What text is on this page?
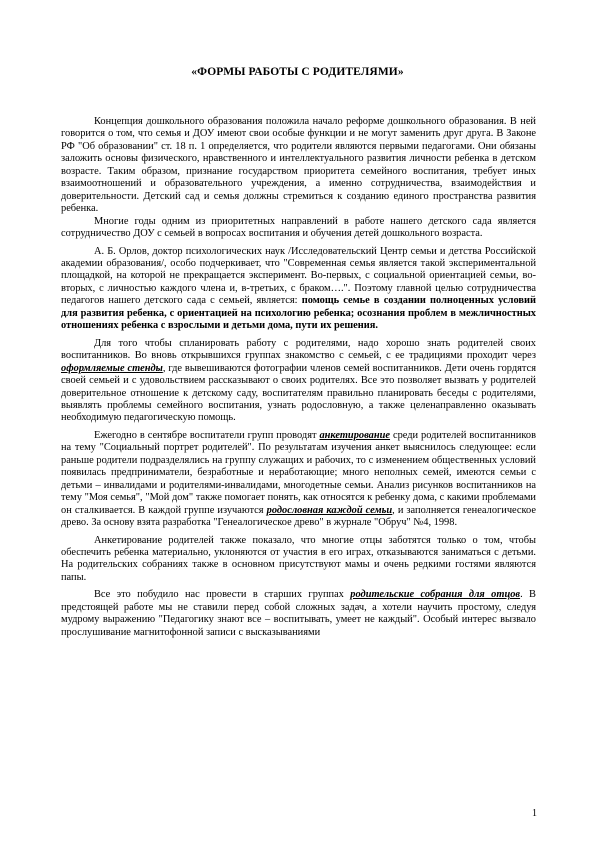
«ФОРМЫ РАБОТЫ С РОДИТЕЛЯМИ»

Концепция дошкольного образования положила начало реформе дошкольного образования. В ней говорится о том, что семья и ДОУ имеют свои особые функции и не могут заменить друг друга. В Законе РФ "Об образовании" ст. 18 п. 1 определяется, что родители являются первыми педагогами. Они обязаны заложить основы физического, нравственного и интеллектуального развития личности ребенка в детском возрасте. Таким образом, признание государством приоритета семейного воспитания, требует иных взаимоотношений и образовательного учреждения, а именно сотрудничества, взаимодействия и доверительности. Детский сад и семья должны стремиться к созданию единого пространства развития ребенка.

Многие годы одним из приоритетных направлений в работе нашего детского сада является сотрудничество ДОУ с семьей в вопросах воспитания и обучения детей дошкольного возраста.

А. Б. Орлов, доктор психологических наук /Исследовательский Центр семьи и детства Российской академии образования/, особо подчеркивает, что "Современная семья является такой экспериментальной площадкой, на которой не прекращается эксперимент. Во-первых, с социальной ориентацией семьи, во-вторых, с личностью каждого члена и, в-третьих, с браком….". Поэтому главной целью сотрудничества педагогов нашего детского сада с семьей, является: помощь семье в создании полноценных условий для развития ребенка, с ориентацией на психологию ребенка; осознания проблем в межличностных отношениях ребенка с взрослыми и детьми дома, пути их решения.

Для того чтобы спланировать работу с родителями, надо хорошо знать родителей своих воспитанников. Во вновь открывшихся группах знакомство с семьей, с ее традициями проходит через оформляемые стенды, где вывешиваются фотографии членов семей воспитанников. Дети очень гордятся своей семьей и с удовольствием рассказывают о своих родителях. Все это позволяет вызвать у родителей доверительное отношение к детскому саду, воспитателям правильно планировать беседы с родителями, выявлять проблемы семейного воспитания, узнать родословную, а также целенаправленно оказывать необходимую педагогическую помощь.

Ежегодно в сентябре воспитатели групп проводят анкетирование среди родителей воспитанников на тему "Социальный портрет родителей". По результатам изучения анкет выяснилось следующее: если раньше родители подразделялись на группу служащих и рабочих, то с изменением общественных условий появилась предприниматели, безработные и неработающие; много неполных семей, имеются семьи с детьми – инвалидами и родителями-инвалидами, многодетные семьи. Анализ рисунков воспитанников на тему "Моя семья", "Мой дом" также помогает понять, как относятся к ребенку дома, с какими проблемами он сталкивается. В каждой группе изучаются родословная каждой семьи, и заполняется генеалогическое древо. За основу взята разработка "Генеалогическое древо" в журнале "Обруч" №4, 1998.

Анкетирование родителей также показало, что многие отцы заботятся только о том, чтобы обеспечить ребенка материально, уклоняются от участия в его играх, отказываются заниматься с детьми. На родительских собраниях также в основном присутствуют мамы и очень редкими гостями являются папы.

Все это побудило нас провести в старших группах родительские собрания для отцов. В предстоящей работе мы не ставили перед собой сложных задач, а хотели научить простому, следуя мудрому выражению "Педагогику знают все – воспитывать, умеет не каждый". Особый интерес вызвало прослушивание магнитофонной записи с высказываниями

1
